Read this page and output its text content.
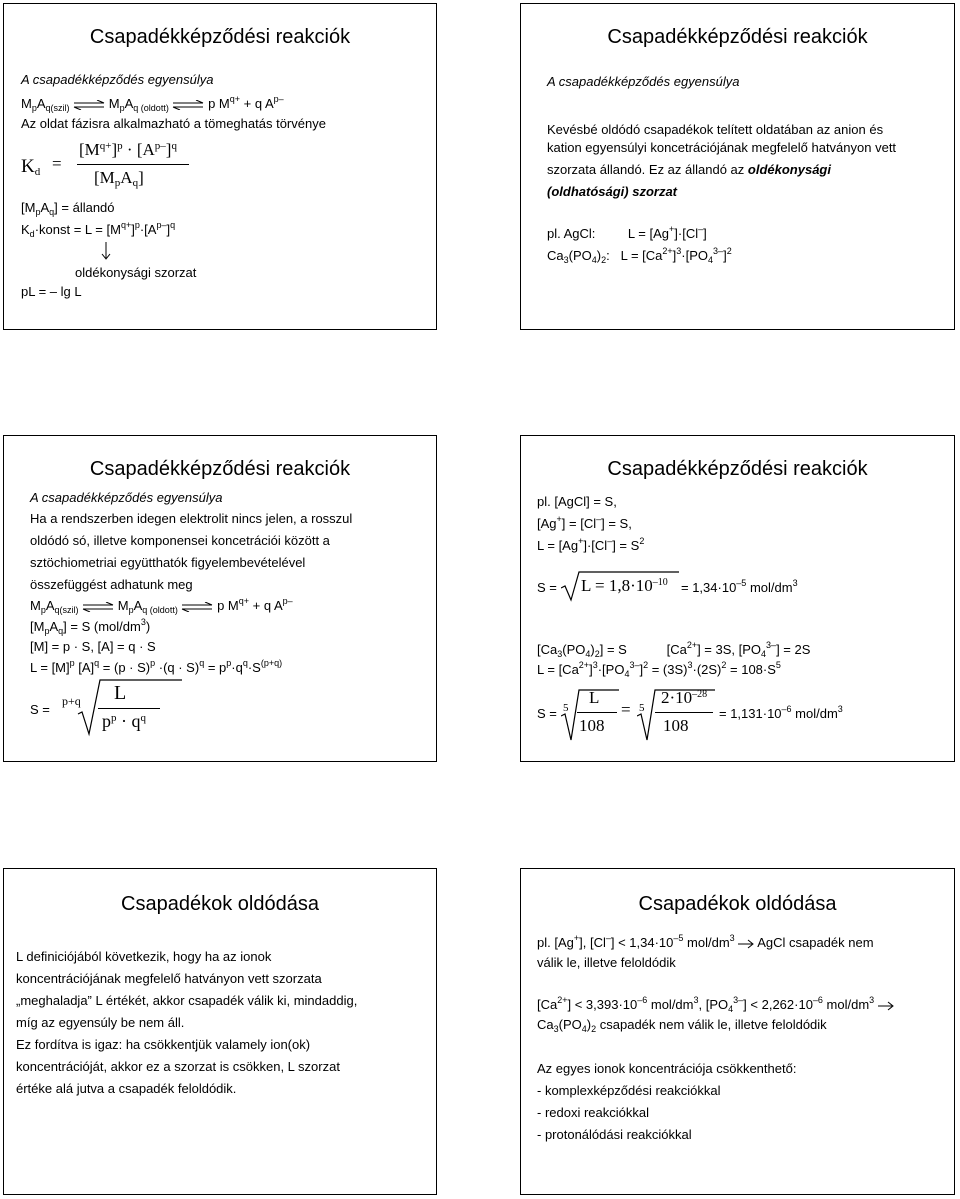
Csapadékképződési reakciók
A csapadékképződés egyensúlya
$M_pA_{q(szil)}$ ⇌ $M_pA_{q (oldott)}$ ⇌ p $M^{q+} + q$ $A^{p-}$
Az oldat fázisra alkalmazható a tömeghatás törvénye
$K_d$ =
$[M^{q+}]^p \cdot [A^{p-}]^q$
$[M_pA_q]$
$[M_pA_q]$ = állandó
$K_d\cdot konst = L = [M^{q+}]^p\cdot[A^{p-}]^q$
oldékonysági szorzat
pL = – lg L
Csapadékképződési reakciók
A csapadékképződés egyensúlya
Kevésbé oldódó csapadékok telített oldatában az anion és
kation egyensúlyi koncetrációjának megfelelő hatványon vett
szorzata állandó. Ez az állandó az oldékonysági
(oldhatósági) szorzat
pl. AgCl:         L = [Ag+]·[Cl–]
$Ca_3(PO_4)_2$:   $L = [Ca^{2+}]^3\cdot[PO_4^{3-}]^2$
Csapadékképződési reakciók
A csapadékképződés egyensúlya
Ha a rendszerben idegen elektrolit nincs jelen, a rosszul
oldódó só, illetve komponensei koncetrációi között a
sztöchiometriai együtthatók figyelembevételével
összefüggést adhatunk meg
$M_pA_{q(szil)}$ ⇌ $M_pA_{q (oldott)}$ ⇌ p $M^{q+} + q$ $A^{p-}$
$[M_pA_q] = S$ $(mol/dm^3)$
[M] = p · S, [A] = q · S
$L = [M]^p$ $[A]^q = (p \cdot S)^p \cdot(q \cdot S)^q = p^p\cdot q^q\cdot S^{(p+q)}$
S =
p+q L
$p^p \cdot q^q$
Csapadékképződési reakciók
pl. [AgCl] = S,
[Ag+] = [Cl–] = S,
$L = [Ag^+]\cdot[Cl^-] = S^2$
$S = L = 1,8\cdot 10^{-10} = 1,34\cdot 10^{-5}$ mol/$dm^3$
$[Ca_3(PO_4)_2] = S$           $[Ca^{2+}] = 3S$, $[PO_4^{3-}] = 2S$
$L = [Ca^{2+}]^3\cdot[PO_4^{3-}]^2 = (3S)^3\cdot(2S)^2 = 108\cdot S^5$
S = 5
L
108
= 5
$2\cdot 10^{-28}$
108
= $1,131\cdot 10^{-6}$ mol/$dm^3$
Csapadékok oldódása
L definiciójából következik, hogy ha az ionok
koncentrációjának megfelelő hatványon vett szorzata
„meghaladja” L értékét, akkor csapadék válik ki, mindaddig,
míg az egyensúly be nem áll.
Ez fordítva is igaz: ha csökkentjük valamely ion(ok)
koncentrációját, akkor ez a szorzat is csökken, L szorzat
értéke alá jutva a csapadék feloldódik.
Csapadékok oldódása
pl. [Ag+], $[Cl^-] < 1,34\cdot 10^{-5}$ mol/$dm^3$  AgCl csapadék nem
válik le, illetve feloldódik
$[Ca^{2+}] < 3,393\cdot 10^{-6}$ mol/$dm^3$, $[PO_4^{3-}] < 2,262\cdot 10^{-6}$ mol/$dm^3$
$Ca_3(PO_4)_2$ csapadék nem válik le, illetve feloldódik
Az egyes ionok koncentrációja csökkenthető:
- komplexképződési reakciókkal
- redoxi reakciókkal
- protonálódási reakciókkal
